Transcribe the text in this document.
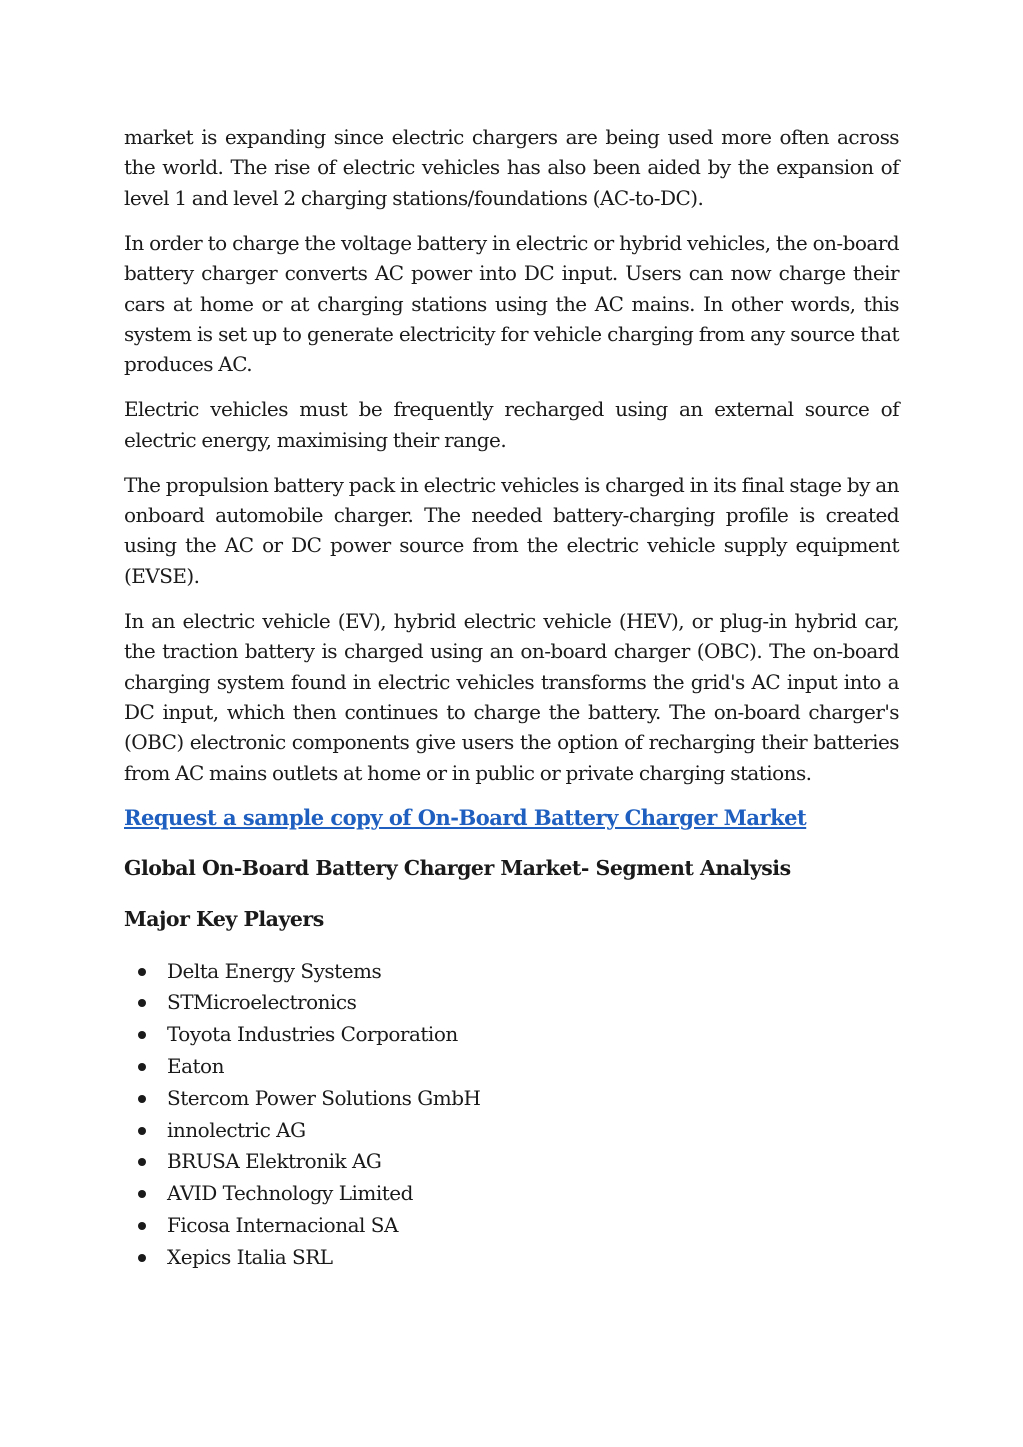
market is expanding since electric chargers are being used more often across the world. The rise of electric vehicles has also been aided by the expansion of level 1 and level 2 charging stations/foundations (AC-to-DC).

In order to charge the voltage battery in electric or hybrid vehicles, the on-board battery charger converts AC power into DC input. Users can now charge their cars at home or at charging stations using the AC mains. In other words, this system is set up to generate electricity for vehicle charging from any source that produces AC.

Electric vehicles must be frequently recharged using an external source of electric energy, maximising their range.

The propulsion battery pack in electric vehicles is charged in its final stage by an onboard automobile charger. The needed battery-charging profile is created using the AC or DC power source from the electric vehicle supply equipment (EVSE).

In an electric vehicle (EV), hybrid electric vehicle (HEV), or plug-in hybrid car, the traction battery is charged using an on-board charger (OBC). The on-board charging system found in electric vehicles transforms the grid's AC input into a DC input, which then continues to charge the battery. The on-board charger's (OBC) electronic components give users the option of recharging their batteries from AC mains outlets at home or in public or private charging stations.

Request a sample copy of On-Board Battery Charger Market
Global On-Board Battery Charger Market- Segment Analysis
Major Key Players
Delta Energy Systems
STMicroelectronics
Toyota Industries Corporation
Eaton
Stercom Power Solutions GmbH
innolectric AG
BRUSA Elektronik AG
AVID Technology Limited
Ficosa Internacional SA
Xepics Italia SRL
